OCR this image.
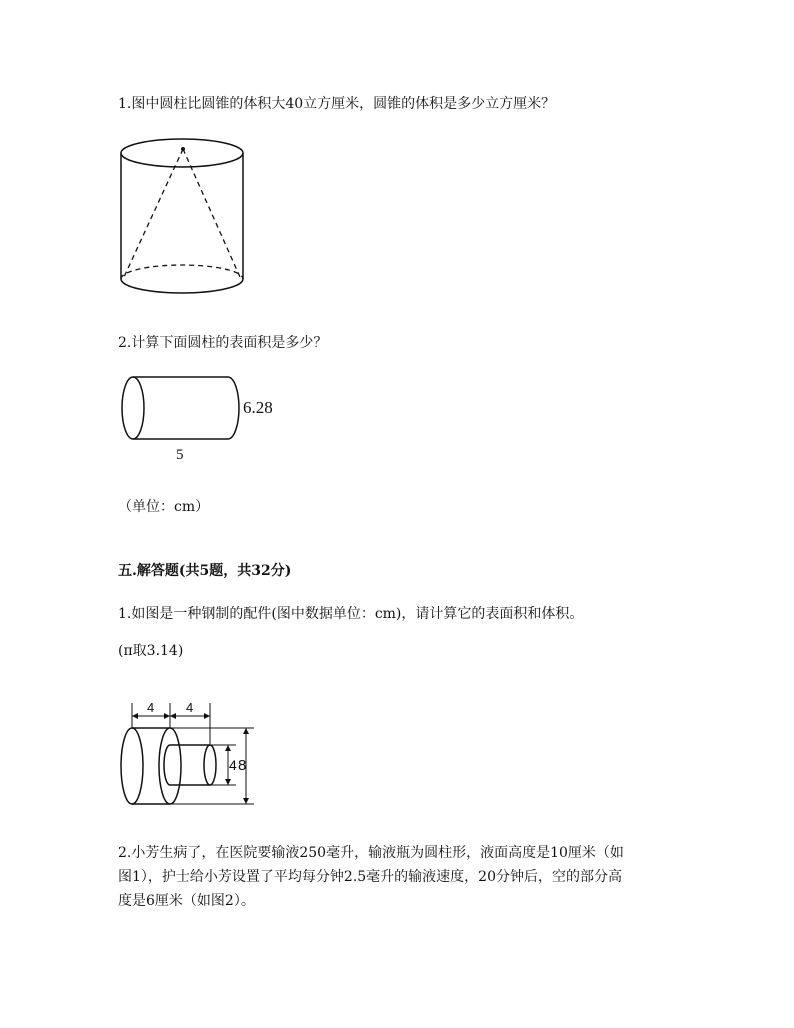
1.图中圆柱比圆锥的体积大40立方厘米，圆锥的体积是多少立方厘米？
2.计算下面圆柱的表面积是多少？
6.28
5
（单位：cm）
五.解答题(共5题，共32分)
1.如图是一种钢制的配件(图中数据单位：cm)，请计算它的表面积和体积。
(π取3.14)
4 4
4 8
2.小芳生病了，在医院要输液250毫升，输液瓶为圆柱形，液面高度是10厘米（如
图1），护士给小芳设置了平均每分钟2.5毫升的输液速度，20分钟后，空的部分高
度是6厘米（如图2）。
